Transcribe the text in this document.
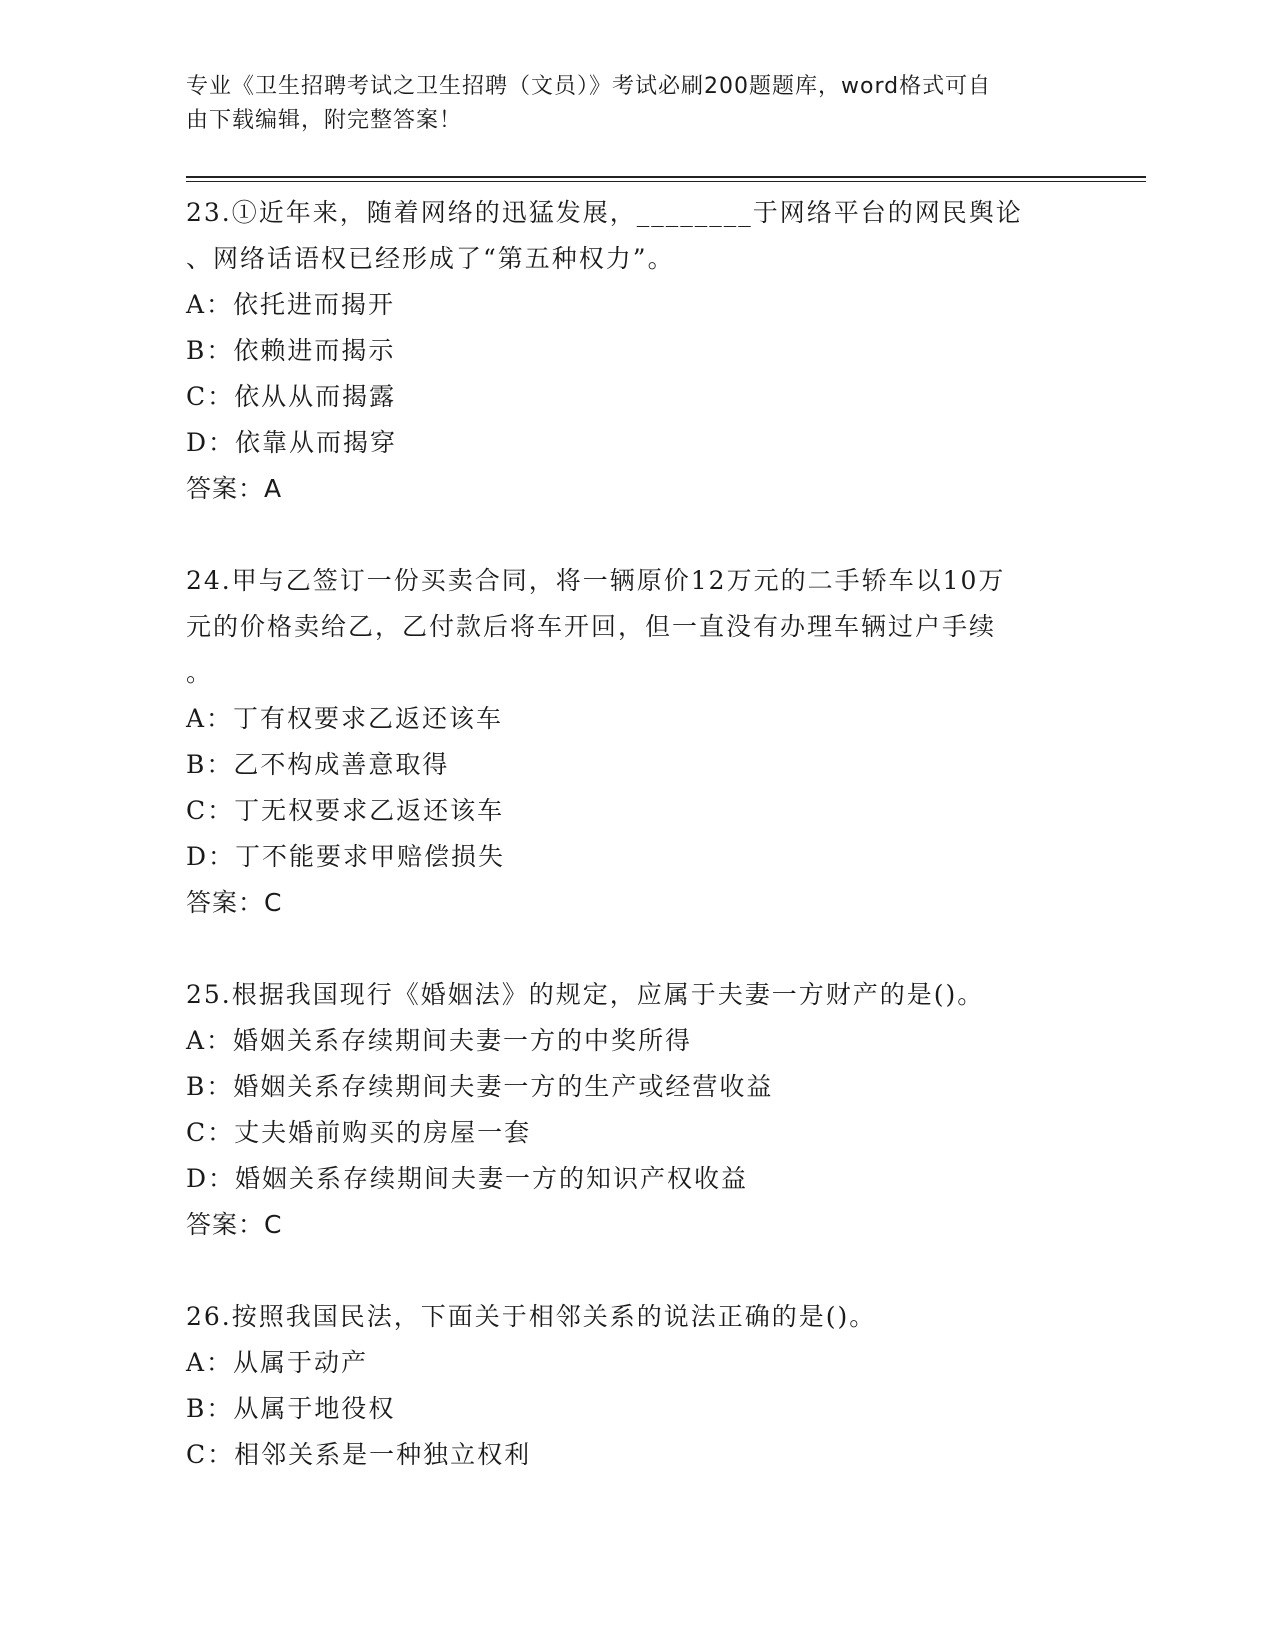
专业《卫生招聘考试之卫生招聘（文员）》考试必刷200题题库，word格式可自
由下载编辑，附完整答案！
23.①近年来，随着网络的迅猛发展，________于网络平台的网民舆论
、网络话语权已经形成了“第五种权力”。
A：依托进而揭开
B：依赖进而揭示
C：依从从而揭露
D：依靠从而揭穿
答案：A
24.甲与乙签订一份买卖合同，将一辆原价12万元的二手轿车以10万
元的价格卖给乙，乙付款后将车开回，但一直没有办理车辆过户手续
。
A：丁有权要求乙返还该车
B：乙不构成善意取得
C：丁无权要求乙返还该车
D：丁不能要求甲赔偿损失
答案：C
25.根据我国现行《婚姻法》的规定，应属于夫妻一方财产的是()。
A：婚姻关系存续期间夫妻一方的中奖所得
B：婚姻关系存续期间夫妻一方的生产或经营收益
C：丈夫婚前购买的房屋一套
D：婚姻关系存续期间夫妻一方的知识产权收益
答案：C
26.按照我国民法，下面关于相邻关系的说法正确的是()。
A：从属于动产
B：从属于地役权
C：相邻关系是一种独立权利
